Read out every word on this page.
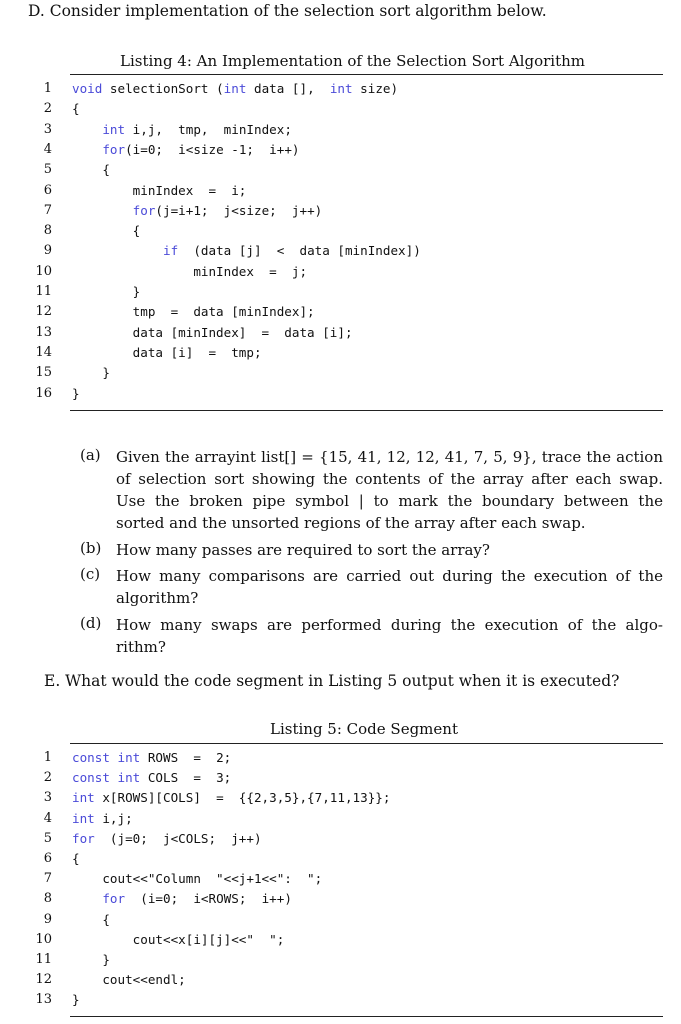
D. Consider implementation of the selection sort algorithm below.
Listing 4: An Implementation of the Selection Sort Algorithm
1 void selectionSort (int data [],  int size)
2 {
3	int i,j,  tmp,  minIndex;
4	for(i=0;  i<size -1;  i++)
5 {
6 minIndex  =  i;
7	for(j=i+1;  j<size;  j++)
8 {
9	if  (data [j]  <  data [minIndex])
10 minIndex  =  j;
11 }
12 tmp  =  data [minIndex];
13 data [minIndex]  =  data [i];
14 data [i]  =  tmp;
15 }
16 }
(a) Given the arrayint list[] = {15, 41, 12, 12, 41, 7, 5, 9}, trace the action
of selection sort showing the contents of the array after each swap.
Use the broken pipe symbol | to mark the boundary between the
sorted and the unsorted regions of the array after each swap.
(b) How many passes are required to sort the array?
(c) How many comparisons are carried out during the execution of the
algorithm?
(d) How many swaps are performed during the execution of the algo-
rithm?
E. What would the code segment in Listing 5 output when it is executed?
Listing 5: Code Segment
1 const int ROWS  =  2;
2 const int COLS  =  3;
3 int x[ROWS][COLS]  =  {{2,3,5},{7,11,13}};
4 int i,j;
5 for  (j=0;  j<COLS;  j++)
6 {
7 cout<<"Column  "<<j+1<<":  ";
8	for  (i=0;  i<ROWS;  i++)
9 {
10 cout<<x[i][j]<<"  ";
11 }
12 cout<<endl;
13 }
